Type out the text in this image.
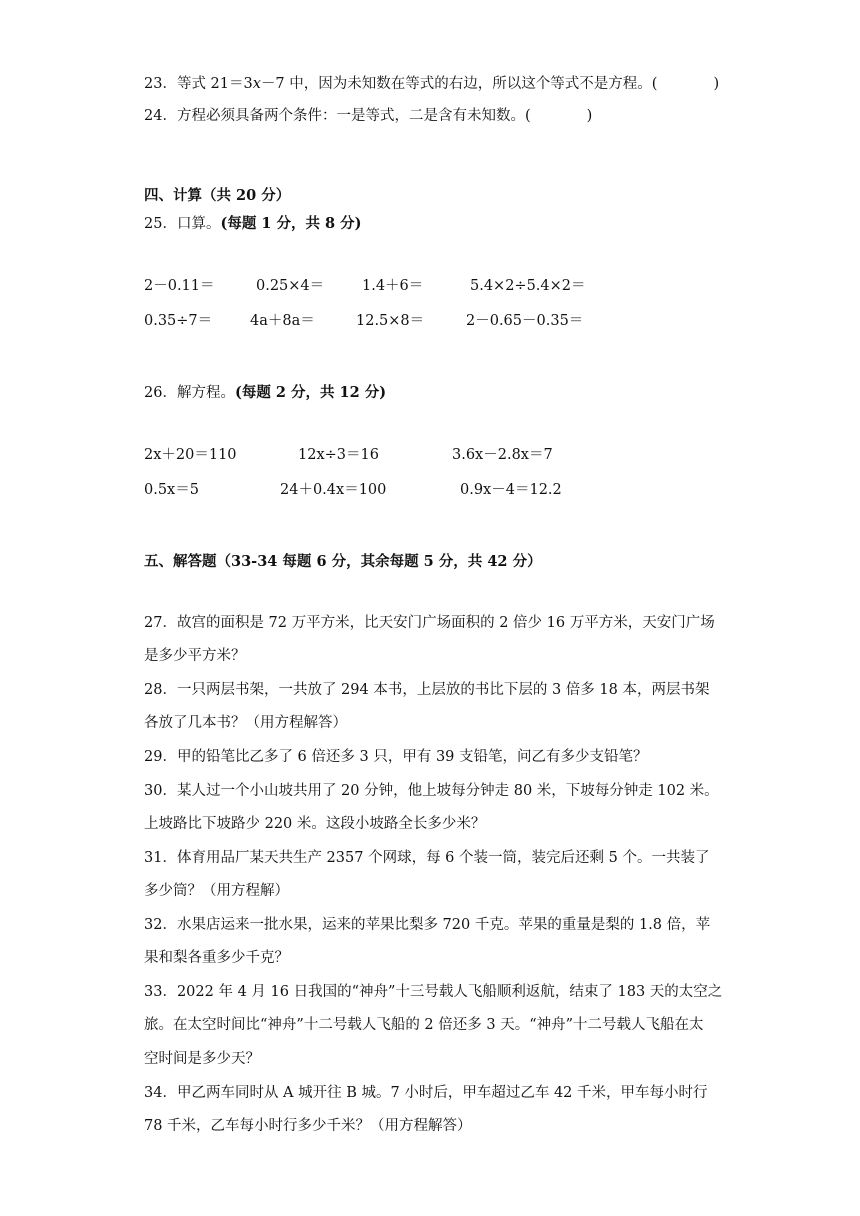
23．等式 21＝3x－7 中，因为未知数在等式的右边，所以这个等式不是方程。(	)
24．方程必须具备两个条件：一是等式，二是含有未知数。(	)
四、计算（共 20 分）
25．口算。(每题 1 分，共 8 分)
2－0.11＝	0.25×4＝	1.4＋6＝	5.4×2÷5.4×2＝
0.35÷7＝	4a＋8a＝	12.5×8＝	2－0.65－0.35＝
26．解方程。(每题 2 分，共 12 分)
2x＋20＝110	12x÷3＝16	3.6x－2.8x＝7
0.5x＝5	24＋0.4x＝100	0.9x－4＝12.2
五、解答题（33-34 每题 6 分，其余每题 5 分，共 42 分）
27．故宫的面积是 72 万平方米，比天安门广场面积的 2 倍少 16 万平方米，天安门广场
是多少平方米？
28．一只两层书架，一共放了 294 本书，上层放的书比下层的 3 倍多 18 本，两层书架
各放了几本书？（用方程解答）
29．甲的铅笔比乙多了 6 倍还多 3 只，甲有 39 支铅笔，问乙有多少支铅笔？
30．某人过一个小山坡共用了 20 分钟，他上坡每分钟走 80 米，下坡每分钟走 102 米。
上坡路比下坡路少 220 米。这段小坡路全长多少米？
31．体育用品厂某天共生产 2357 个网球，每 6 个装一筒，装完后还剩 5 个。一共装了
多少筒？（用方程解）
32．水果店运来一批水果，运来的苹果比梨多 720 千克。苹果的重量是梨的 1.8 倍，苹
果和梨各重多少千克？
33．2022 年 4 月 16 日我国的“神舟”十三号载人飞船顺利返航，结束了 183 天的太空之
旅。在太空时间比“神舟”十二号载人飞船的 2 倍还多 3 天。“神舟”十二号载人飞船在太
空时间是多少天？
34．甲乙两车同时从 A 城开往 B 城。7 小时后，甲车超过乙车 42 千米，甲车每小时行
78 千米，乙车每小时行多少千米？（用方程解答）
